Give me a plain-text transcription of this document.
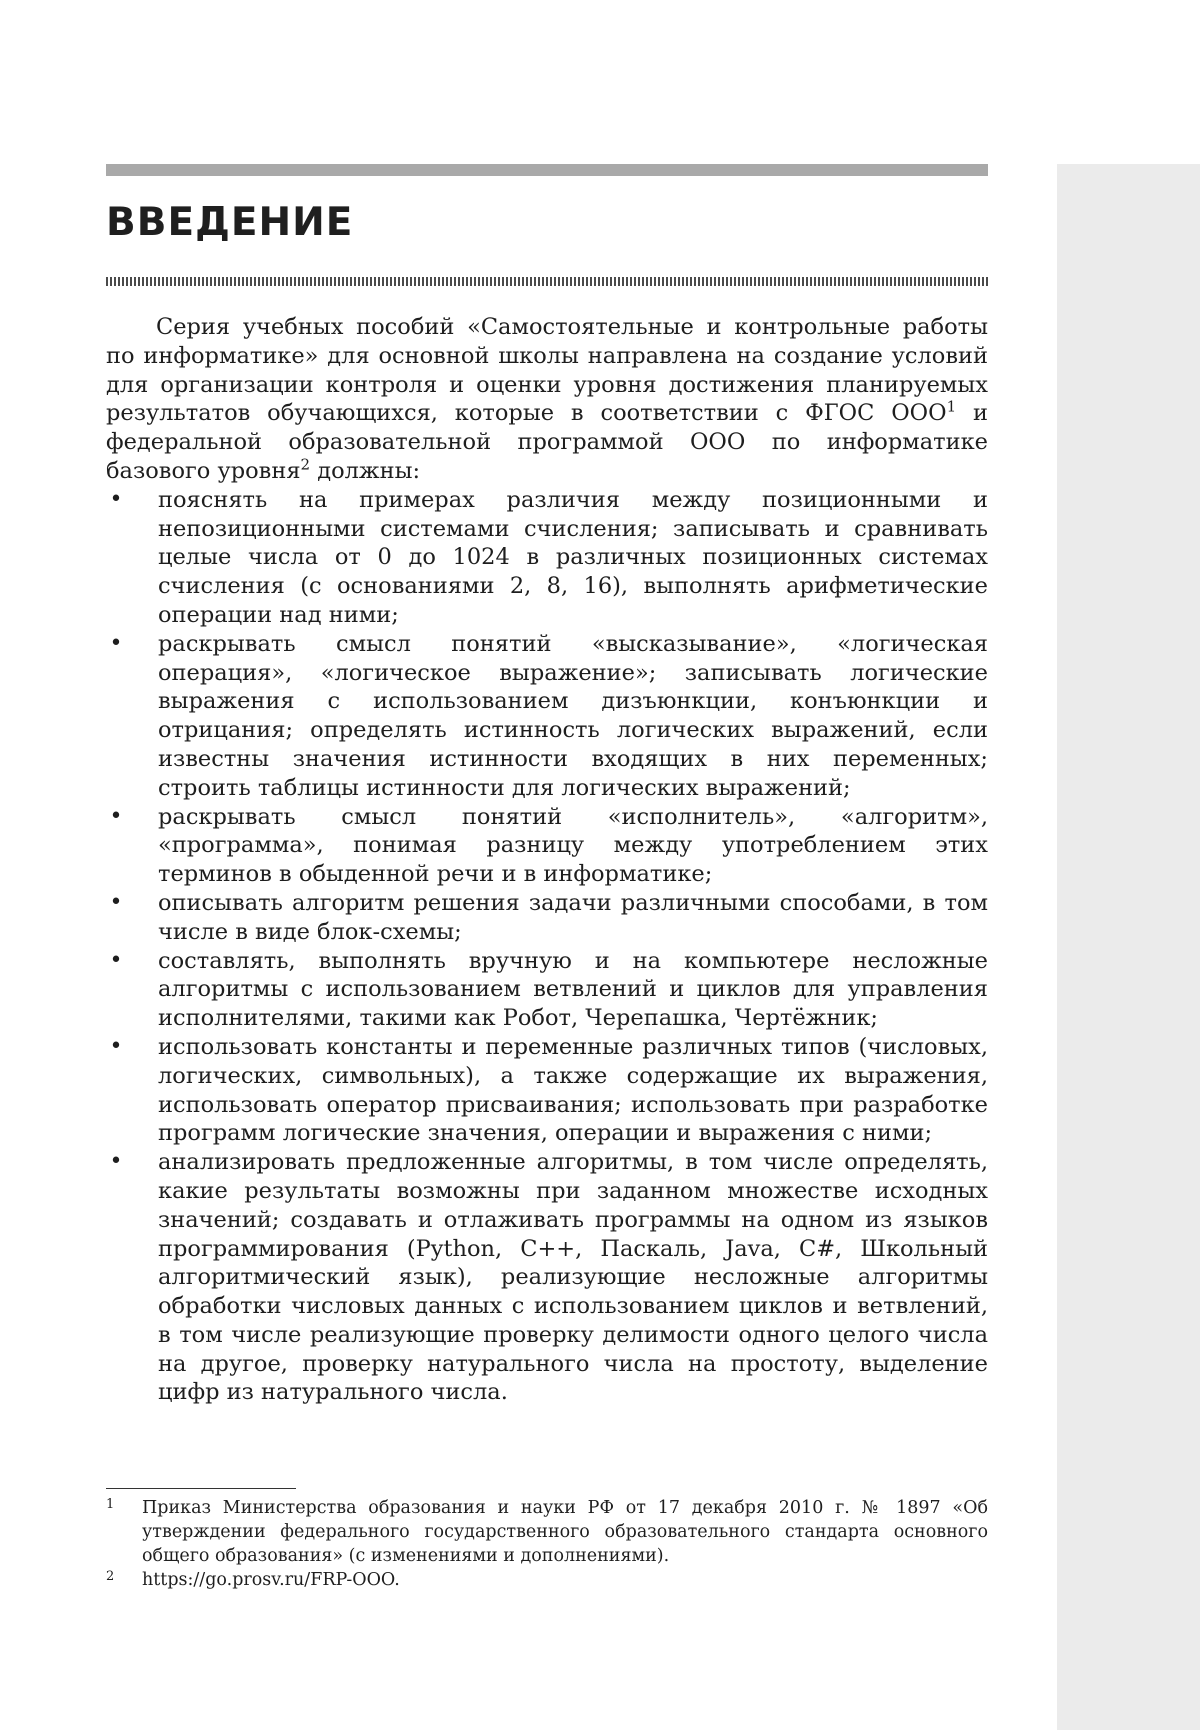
ВВЕДЕНИЕ

Серия учебных пособий «Самостоятельные и контрольные работы по информатике» для основной школы направлена на создание условий для организации контроля и оценки уровня достижения планируемых результатов обучающихся, которые в соответствии с ФГОС ООО$^1$ и федеральной образовательной программой ООО по информатике базового уровня$^2$ должны:

• пояснять на примерах различия между позиционными и непозиционными системами счисления; записывать и сравнивать целые числа от 0 до 1024 в различных позиционных системах счисления (с основаниями 2, 8, 16), выполнять арифметические операции над ними;
• раскрывать смысл понятий «высказывание», «логическая операция», «логическое выражение»; записывать логические выражения с использованием дизъюнкции, конъюнкции и отрицания; определять истинность логических выражений, если известны значения истинности входящих в них переменных; строить таблицы истинности для логических выражений;
• раскрывать смысл понятий «исполнитель», «алгоритм», «программа», понимая разницу между употреблением этих терминов в обыденной речи и в информатике;
• описывать алгоритм решения задачи различными способами, в том числе в виде блок-схемы;
• составлять, выполнять вручную и на компьютере несложные алгоритмы с использованием ветвлений и циклов для управления исполнителями, такими как Робот, Черепашка, Чертёжник;
• использовать константы и переменные различных типов (числовых, логических, символьных), а также содержащие их выражения, использовать оператор присваивания; использовать при разработке программ логические значения, операции и выражения с ними;
• анализировать предложенные алгоритмы, в том числе определять, какие результаты возможны при заданном множестве исходных значений; создавать и отлаживать программы на одном из языков программирования (Python, C++, Паскаль, Java, C#, Школьный алгоритмический язык), реализующие несложные алгоритмы обработки числовых данных с использованием циклов и ветвлений, в том числе реализующие проверку делимости одного целого числа на другое, проверку натурального числа на простоту, выделение цифр из натурального числа.
1 Приказ Министерства образования и науки РФ от 17 декабря 2010 г. № 1897 «Об утверждении федерального государственного образовательного стандарта основного общего образования» (с изменениями и дополнениями).
2 https://go.prosv.ru/FRP-OOO.
